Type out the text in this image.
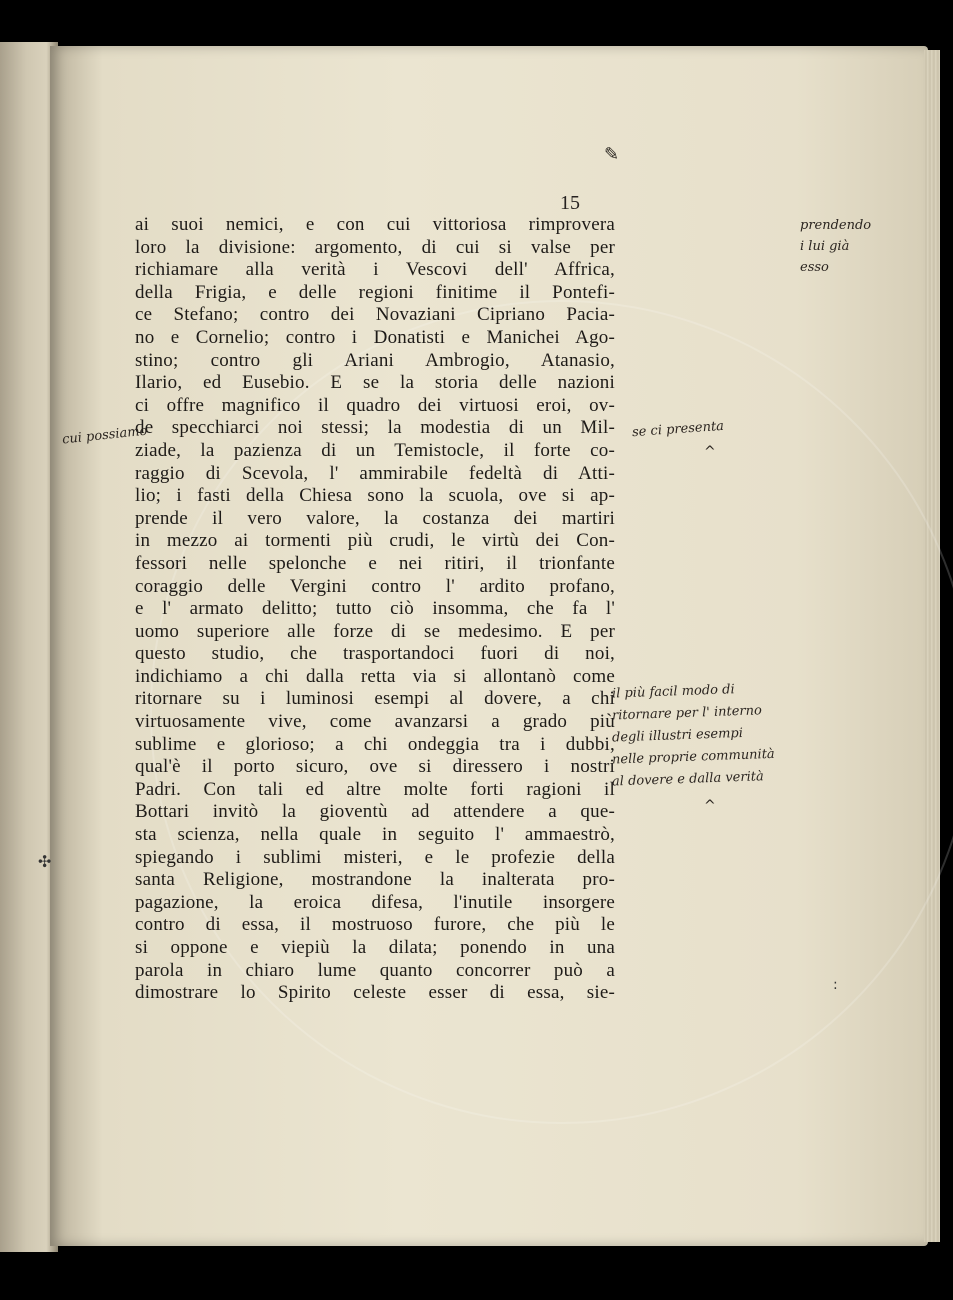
✎
15
ai suoi nemici, e con cui vittoriosa rimprovera
loro la divisione: argomento, di cui si valse per
richiamare alla verità i Vescovi dell' Affrica,
della Frigia, e delle regioni finitime il Pontefi-
ce Stefano; contro dei Novaziani Cipriano Pacia-
no e Cornelio; contro i Donatisti e Manichei Ago-
stino; contro gli Ariani Ambrogio, Atanasio,
Ilario, ed Eusebio. E se la storia delle nazioni
ci offre magnifico il quadro dei virtuosi eroi, ov-
de specchiarci noi stessi; la modestia di un Mil-
ziade, la pazienza di un Temistocle, il forte co-
raggio di Scevola, l' ammirabile fedeltà di Atti-
lio; i fasti della Chiesa sono la scuola, ove si ap-
prende il vero valore, la costanza dei martiri
in mezzo ai tormenti più crudi, le virtù dei Con-
fessori nelle spelonche e nei ritiri, il trionfante
coraggio delle Vergini contro l' ardito profano,
e l' armato delitto; tutto ciò insomma, che fa l'
uomo superiore alle forze di se medesimo. E per
questo studio, che trasportandoci fuori di noi,
indichiamo a chi dalla retta via si allontanò come
ritornare su i luminosi esempi al dovere, a chi
virtuosamente vive, come avanzarsi a grado più
sublime e glorioso; a chi ondeggia tra i dubbi,
qual'è il porto sicuro, ove si diressero i nostri
Padri. Con tali ed altre molte forti ragioni il
Bottari invitò la gioventù ad attendere a que-
sta scienza, nella quale in seguito l' ammaestrò,
spiegando i sublimi misteri, e le profezie della
santa Religione, mostrandone la inalterata pro-
pagazione, la eroica difesa, l'inutile insorgere
contro di essa, il mostruoso furore, che più le
si oppone e viepiù la dilata; ponendo in una
parola in chiaro lume quanto concorrer può a
dimostrare lo Spirito celeste esser di essa, sie-
cui possiamo
prendendo
i lui già
esso
se ci presenta
^
il più facil modo di
ritornare per l' interno
degli illustri esempi
nelle proprie communità
al dovere e dalla verità
^
:
✣
